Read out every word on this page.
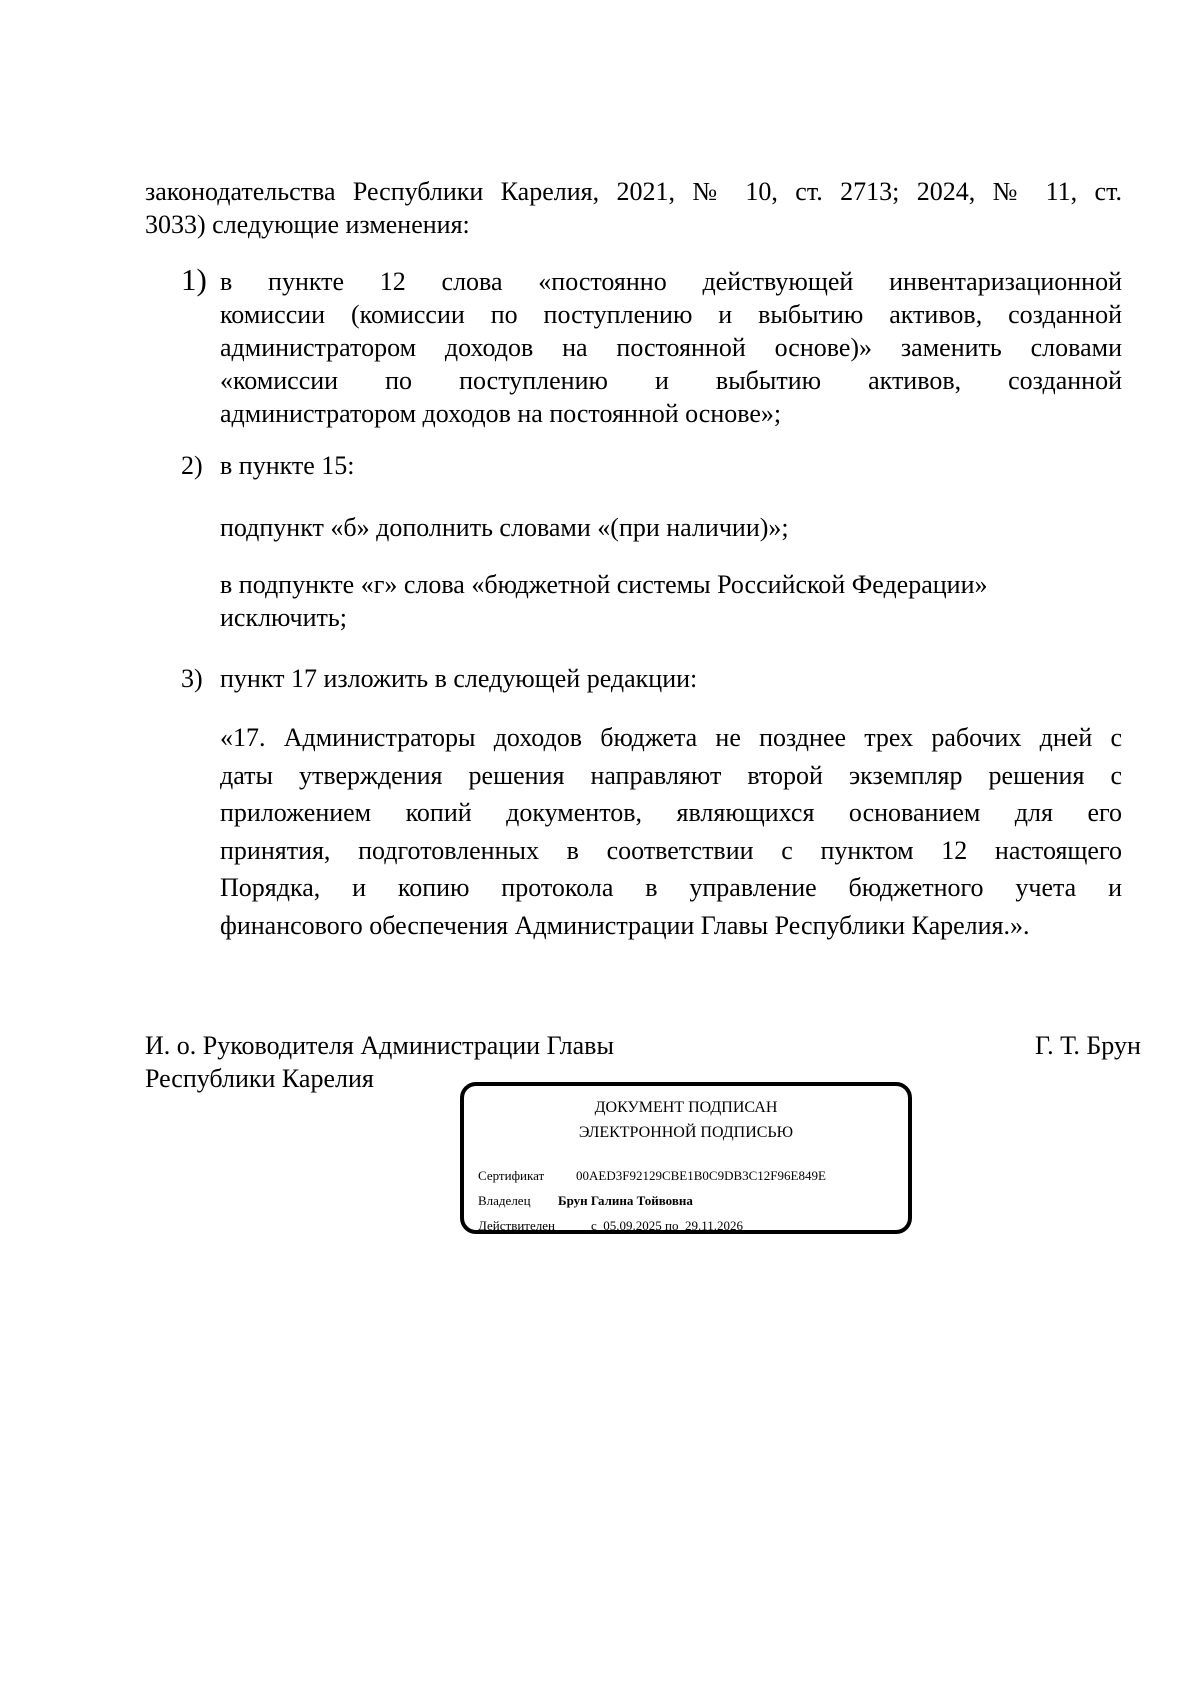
законодательства Республики Карелия, 2021, № 10, ст. 2713; 2024, № 11, ст.
3033) следующие изменения:
1) в пункте 12 слова «постоянно действующей инвентаризационной
комиссии (комиссии по поступлению и выбытию активов, созданной
администратором доходов на постоянной основе)» заменить словами
«комиссии по поступлению и выбытию активов, созданной
администратором доходов на постоянной основе»;
2) в пункте 15:
подпункт «б» дополнить словами «(при наличии)»;
в подпункте «г» слова «бюджетной системы Российской Федерации»
исключить;
3) пункт 17 изложить в следующей редакции:
«17. Администраторы доходов бюджета не позднее трех рабочих дней с
даты утверждения решения направляют второй экземпляр решения с
приложением копий документов, являющихся основанием для его
принятия, подготовленных в соответствии с пунктом 12 настоящего
Порядка, и копию протокола в управление бюджетного учета и
финансового обеспечения Администрации Главы Республики Карелия.».
И. о. Руководителя Администрации Главы
Республики Карелия
Г. Т. Брун
ДОКУМЕНТ ПОДПИСАН
ЭЛЕКТРОННОЙ ПОДПИСЬЮ
Сертификат 00AED3F92129CBE1B0C9DB3C12F96E849E
Владелец Брун Галина Тойвовна
Действителен	с 05.09.2025 по 29.11.2026
